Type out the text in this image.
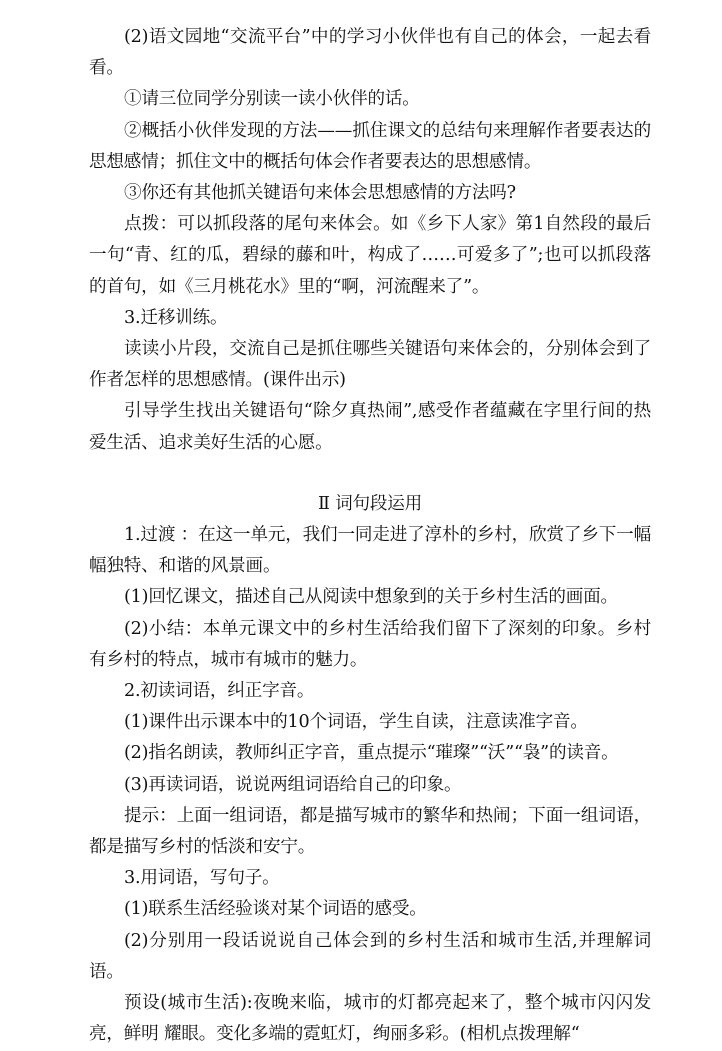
(2)语文园地“交流平台”中的学习小伙伴也有自己的体会，一起去看看。

①请三位同学分别读一读小伙伴的话。

②概括小伙伴发现的方法——抓住课文的总结句来理解作者要表达的思想感情；抓住文中的概括句体会作者要表达的思想感情。

③你还有其他抓关键语句来体会思想感情的方法吗?

点拨：可以抓段落的尾句来体会。如《乡下人家》第1自然段的最后一句“青、红的瓜，碧绿的藤和叶，构成了……可爱多了”;也可以抓段落的首句，如《三月桃花水》里的“啊，河流醒来了”。

3.迁移训练。

读读小片段，交流自己是抓住哪些关键语句来体会的，分别体会到了作者怎样的思想感情。(课件出示)

引导学生找出关键语句“除夕真热闹”,感受作者蕴藏在字里行间的热爱生活、追求美好生活的心愿。

Ⅱ 词句段运用

1.过渡 ：在这一单元，我们一同走进了淳朴的乡村，欣赏了乡下一幅幅独特、和谐的风景画。

(1)回忆课文，描述自己从阅读中想象到的关于乡村生活的画面。

(2)小结：本单元课文中的乡村生活给我们留下了深刻的印象。乡村有乡村的特点，城市有城市的魅力。

2.初读词语，纠正字音。

(1)课件出示课本中的10个词语，学生自读，注意读准字音。

(2)指名朗读，教师纠正字音，重点提示“璀璨”“沃”“袅”的读音。

(3)再读词语，说说两组词语给自己的印象。

提示：上面一组词语，都是描写城市的繁华和热闹；下面一组词语，都是描写乡村的恬淡和安宁。

3.用词语，写句子。

(1)联系生活经验谈对某个词语的感受。

(2)分别用一段话说说自己体会到的乡村生活和城市生活,并理解词语。

预设(城市生活):夜晚来临，城市的灯都亮起来了，整个城市闪闪发亮，鲜明 耀眼。变化多端的霓虹灯，绚丽多彩。(相机点拨理解“
